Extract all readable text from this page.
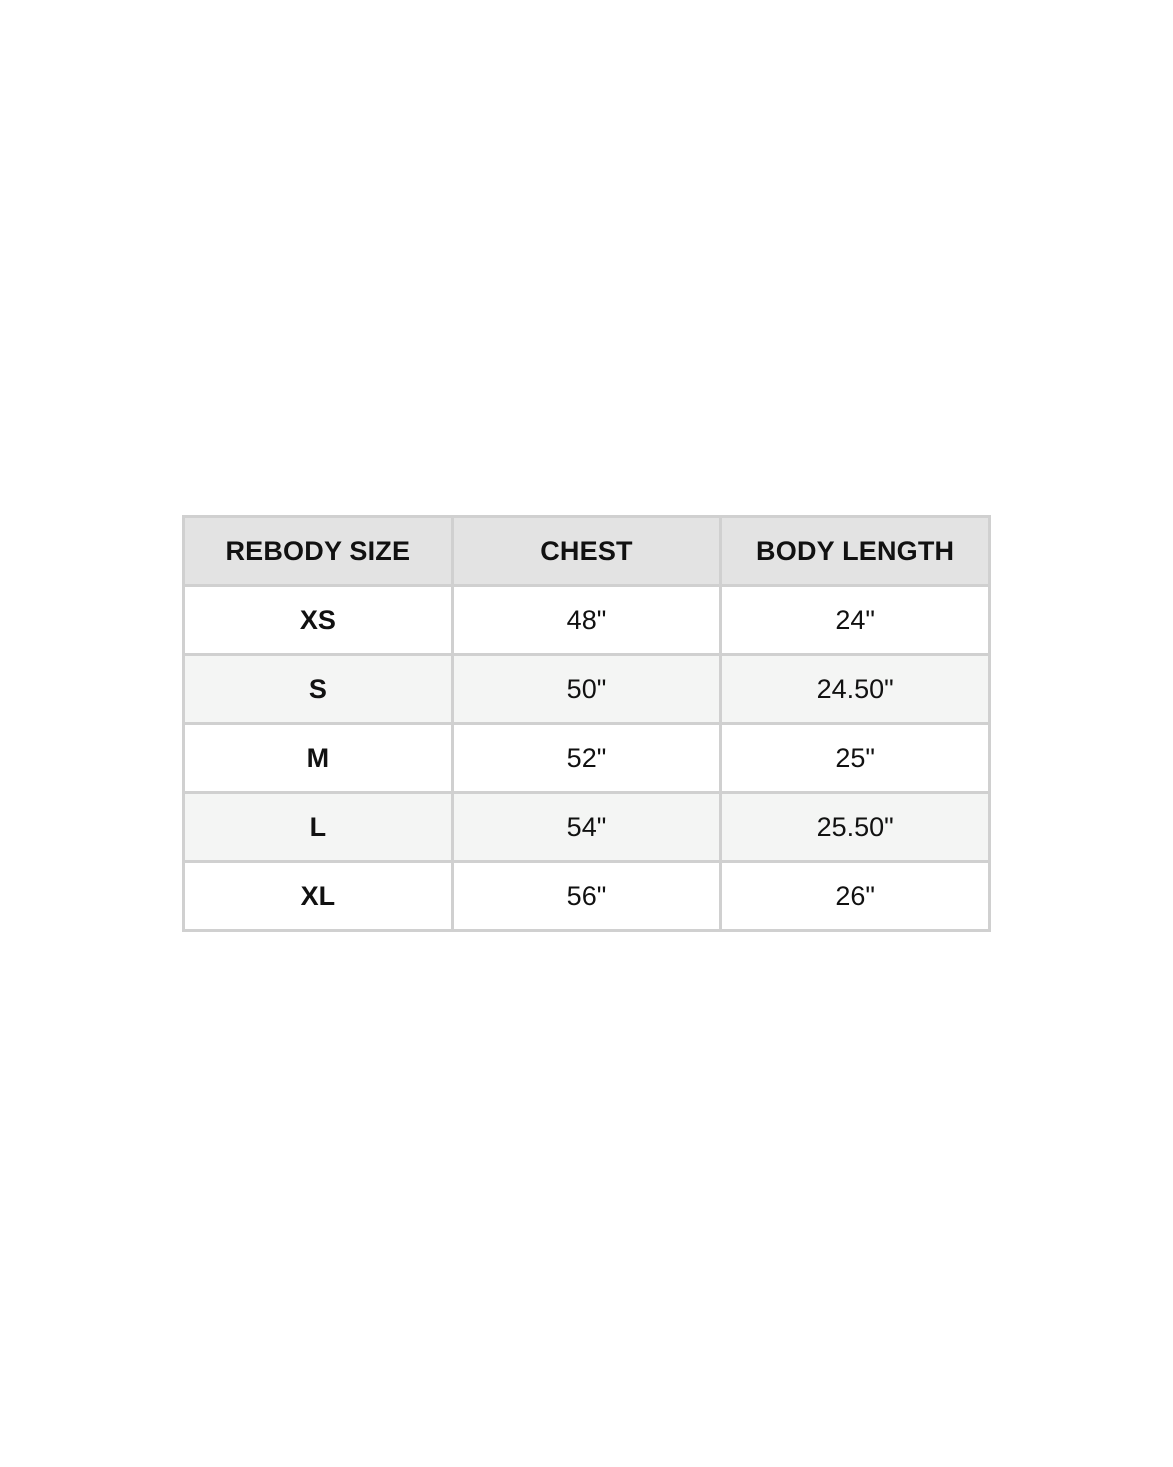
REBODY SIZE	CHEST	BODY LENGTH
XS	48"	24"
S	50"	24.50"
M	52"	25"
L	54"	25.50"
XL	56"	26"
